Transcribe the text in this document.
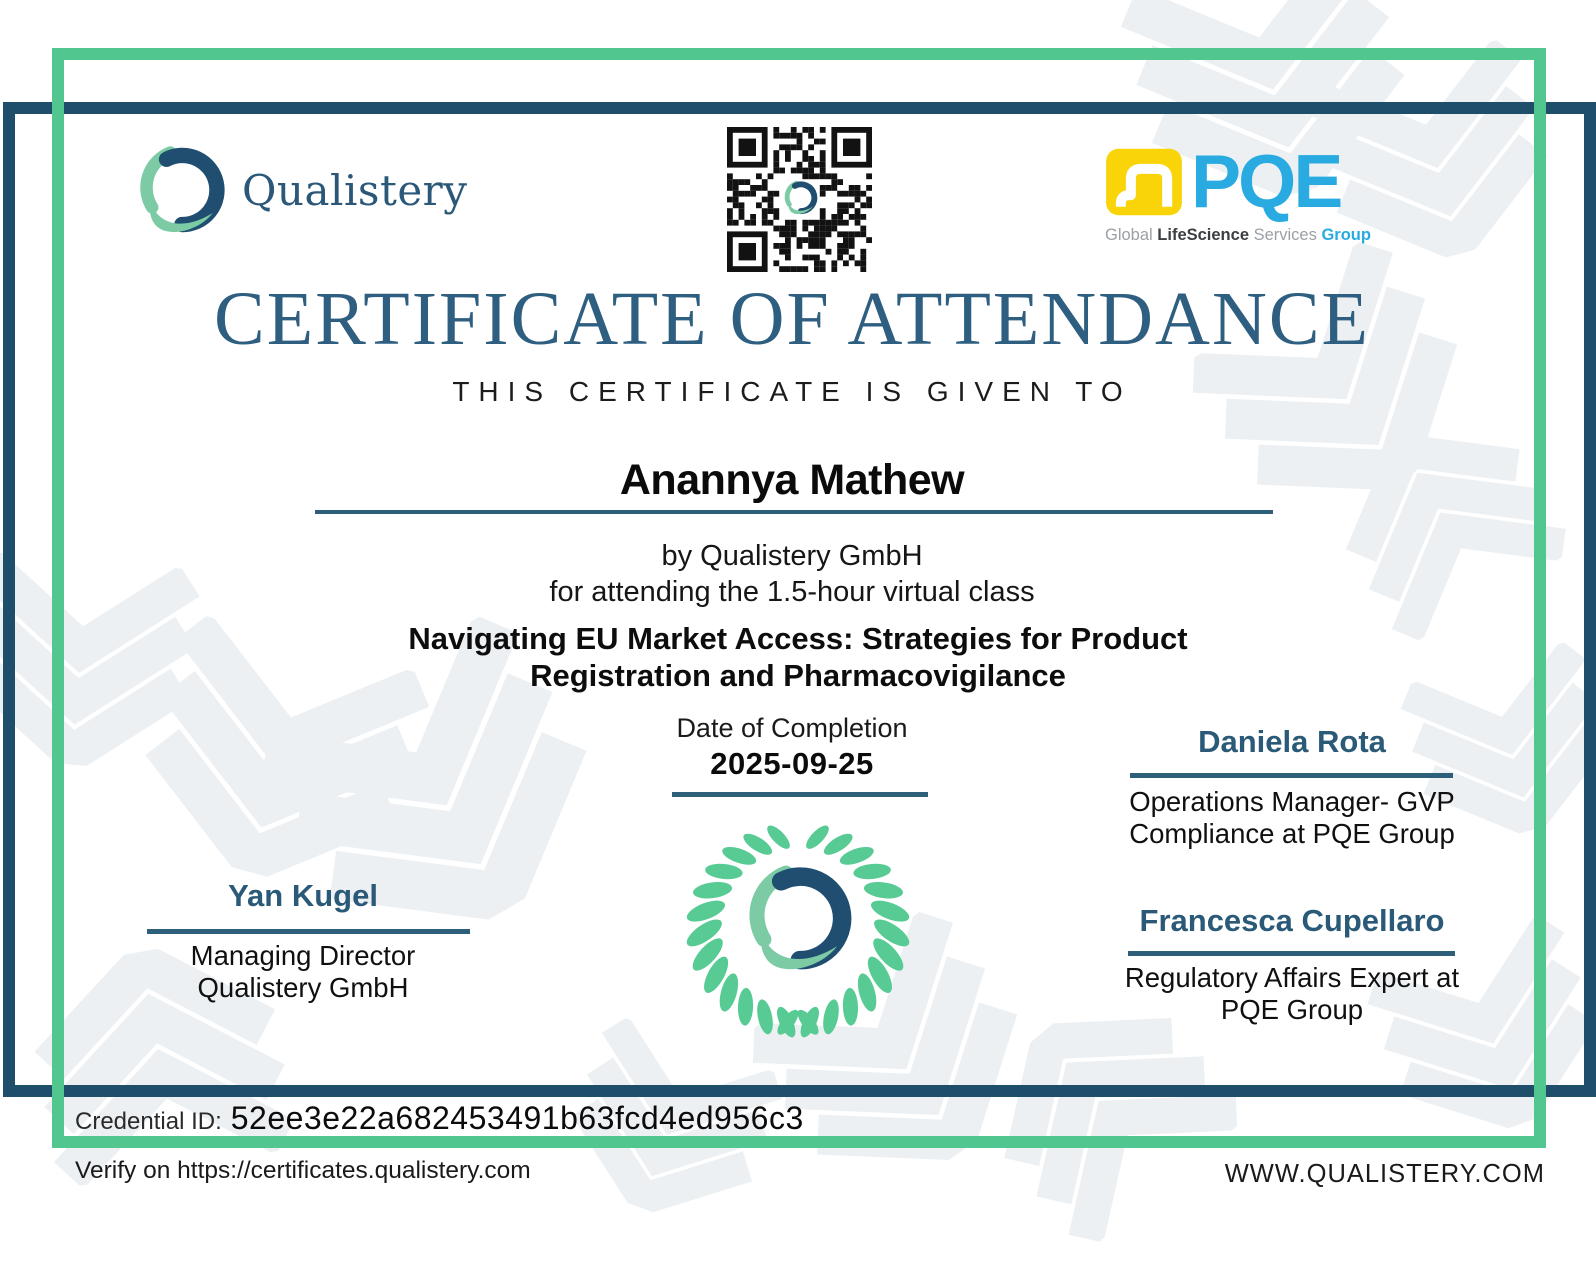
Qualistery	PQE
Global LifeScience Services Group
CERTIFICATE OF ATTENDANCE
THIS CERTIFICATE IS GIVEN TO
Anannya Mathew
by Qualistery GmbH
for attending the 1.5-hour virtual class
Navigating EU Market Access: Strategies for Product
Registration and Pharmacovigilance
Date of Completion
2025-09-25
Yan Kugel
Managing Director
Qualistery GmbH
Daniela Rota
Operations Manager- GVP
Compliance at PQE Group
Francesca Cupellaro
Regulatory Affairs Expert at
PQE Group
Credential ID: 52ee3e22a682453491b63fcd4ed956c3
Verify on https://certificates.qualistery.com	WWW.QUALISTERY.COM
